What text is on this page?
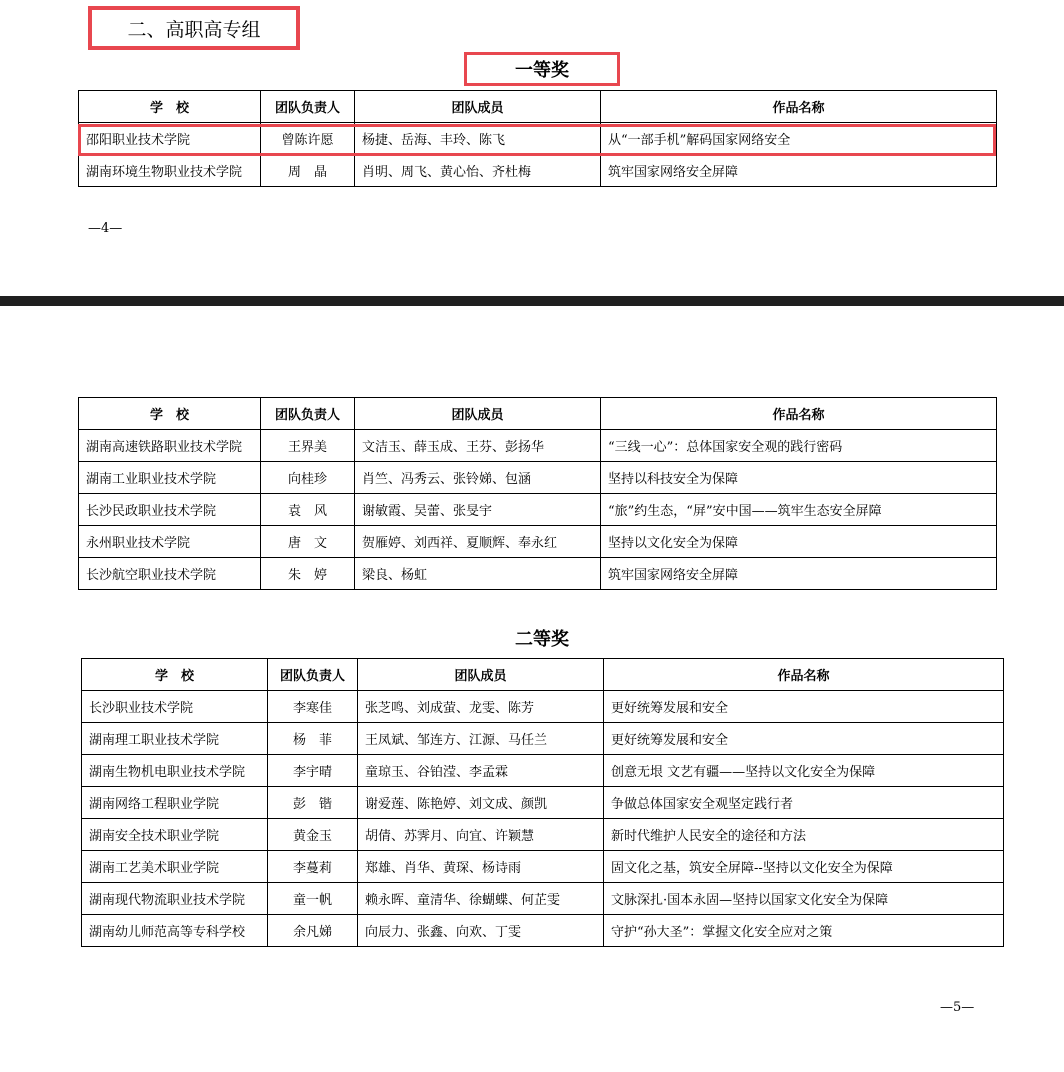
二、高职高专组
一等奖
学　校	团队负责人	团队成员	作品名称
邵阳职业技术学院	曾陈许愿	杨捷、岳海、丰玲、陈飞	从“一部手机”解码国家网络安全
湖南环境生物职业技术学院	周　晶	肖明、周飞、黄心怡、齐杜梅	筑牢国家网络安全屏障
—4—
学　校	团队负责人	团队成员	作品名称
湖南高速铁路职业技术学院	王界美	文洁玉、薛玉成、王芬、彭扬华	“三线一心”：总体国家安全观的践行密码
湖南工业职业技术学院	向桂珍	肖竺、冯秀云、张铃娣、包涵	坚持以科技安全为保障
长沙民政职业技术学院	袁　风	谢敏霞、吴蕾、张旻宇	“旅”约生态，“屏”安中国——筑牢生态安全屏障
永州职业技术学院	唐　文	贺雁婷、刘西祥、夏顺辉、奉永红	坚持以文化安全为保障
长沙航空职业技术学院	朱　婷	梁良、杨虹	筑牢国家网络安全屏障
二等奖
学　校	团队负责人	团队成员	作品名称
长沙职业技术学院	李寒佳	张芝鸣、刘成萤、龙雯、陈芳	更好统筹发展和安全
湖南理工职业技术学院	杨　菲	王凤斌、邹连方、江源、马任兰	更好统筹发展和安全
湖南生物机电职业技术学院	李宇晴	童琼玉、谷铂滢、李孟霖	创意无垠 文艺有疆——坚持以文化安全为保障
湖南网络工程职业学院	彭　锴	谢爱莲、陈艳婷、刘文成、颜凯	争做总体国家安全观坚定践行者
湖南安全技术职业学院	黄金玉	胡倩、苏霁月、向宜、许颖慧	新时代维护人民安全的途径和方法
湖南工艺美术职业学院	李蔓莉	郑雄、肖华、黄琛、杨诗雨	固文化之基，筑安全屏障--坚持以文化安全为保障
湖南现代物流职业技术学院	童一帆	赖永晖、童清华、徐蝴蝶、何芷雯	文脉深扎·国本永固—坚持以国家文化安全为保障
湖南幼儿师范高等专科学校	余凡娣	向辰力、张鑫、向欢、丁雯	守护“孙大圣”：掌握文化安全应对之策
—5—
